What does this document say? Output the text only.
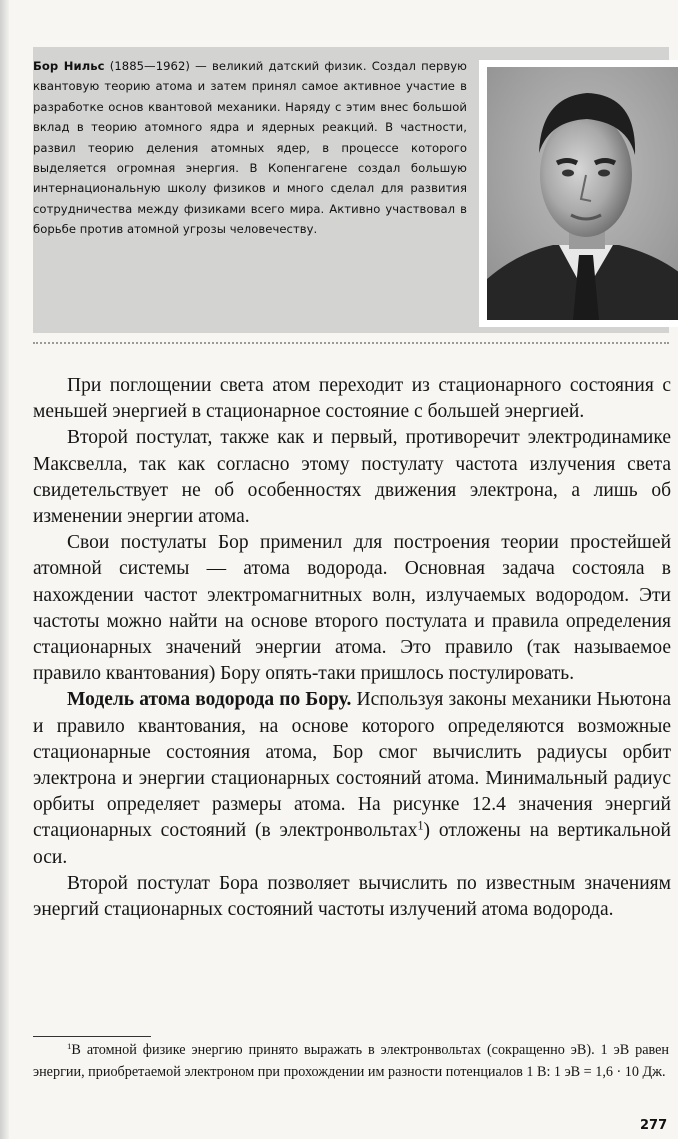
Бор Нильс (1885—1962) — великий датский физик. Создал первую квантовую теорию атома и затем принял самое активное участие в разработке основ квантовой механики. Наряду с этим внес большой вклад в теорию атомного ядра и ядерных реакций. В частности, развил теорию деления атомных ядер, в процессе которого выделяется огромная энергия. В Копенгагене создал большую интернациональную школу физиков и много сделал для развития сотрудничества между физиками всего мира. Активно участвовал в борьбе против атомной угрозы человечеству.

При поглощении света атом переходит из стационарного состояния с меньшей энергией в стационарное состояние с большей энергией.

Второй постулат, также как и первый, противоречит электродинамике Максвелла, так как согласно этому постулату частота излучения света свидетельствует не об особенностях движения электрона, а лишь об изменении энергии атома.

Свои постулаты Бор применил для построения теории простейшей атомной системы — атома водорода. Основная задача состояла в нахождении частот электромагнитных волн, излучаемых водородом. Эти частоты можно найти на основе второго постулата и правила определения стационарных значений энергии атома. Это правило (так называемое правило квантования) Бору опять-таки пришлось постулировать.

Модель атома водорода по Бору. Используя законы механики Ньютона и правило квантования, на основе которого определяются возможные стационарные состояния атома, Бор смог вычислить радиусы орбит электрона и энергии стационарных состояний атома. Минимальный радиус орбиты определяет размеры атома. На рисунке 12.4 значения энергий стационарных состояний (в электронвольтах$^1$) отложены на вертикальной оси.

Второй постулат Бора позволяет вычислить по известным значениям энергий стационарных состояний частоты излучений атома водорода.

$^1$В атомной физике энергию принято выражать в электронвольтах (сокращенно эВ). 1 эВ равен энергии, приобретаемой электроном при прохождении им разности потенциалов 1 В: 1 эВ = 1,6 · 10 Дж.
277
